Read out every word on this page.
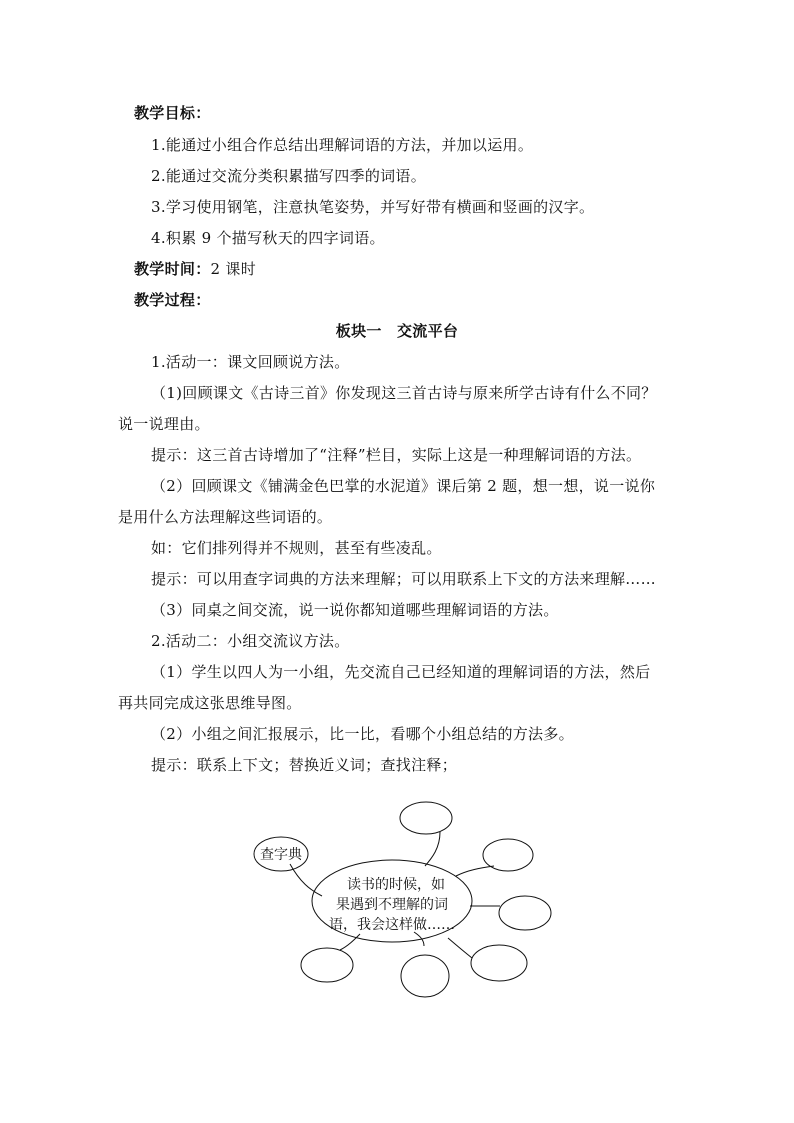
教学目标：
1.能通过小组合作总结出理解词语的方法，并加以运用。
2.能通过交流分类积累描写四季的词语。
3.学习使用钢笔，注意执笔姿势，并写好带有横画和竖画的汉字。
4.积累 9 个描写秋天的四字词语。
教学时间：2 课时
教学过程：
板块一　交流平台
1.活动一：课文回顾说方法。
（1)回顾课文《古诗三首》你发现这三首古诗与原来所学古诗有什么不同？
说一说理由。
提示：这三首古诗增加了“注释”栏目，实际上这是一种理解词语的方法。
（2）回顾课文《铺满金色巴掌的水泥道》课后第 2 题，想一想，说一说你
是用什么方法理解这些词语的。
如：它们排列得并不规则，甚至有些凌乱。
提示：可以用查字词典的方法来理解；可以用联系上下文的方法来理解……
（3）同桌之间交流，说一说你都知道哪些理解词语的方法。
2.活动二：小组交流议方法。
（1）学生以四人为一小组，先交流自己已经知道的理解词语的方法，然后
再共同完成这张思维导图。
（2）小组之间汇报展示，比一比，看哪个小组总结的方法多。
提示：联系上下文；替换近义词；查找注释；
查字典
读书的时候，如
果遇到不理解的词
语，我会这样做……
